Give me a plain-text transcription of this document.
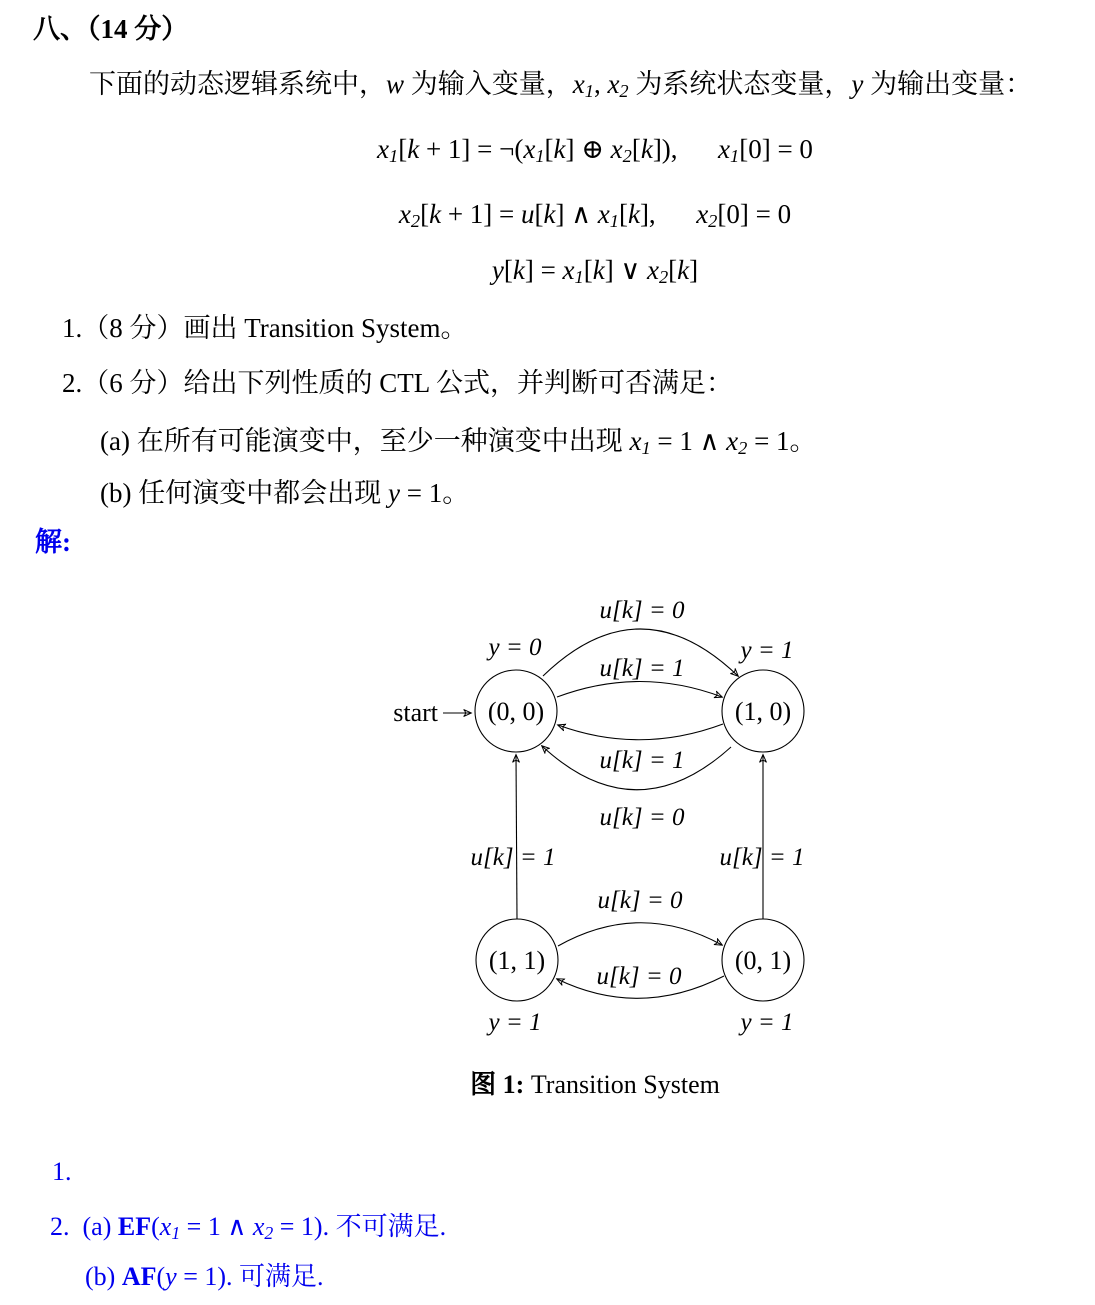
八、（14 分）
下面的动态逻辑系统中，w 为输入变量，x1, x2 为系统状态变量，y 为输出变量：
x1[k + 1] = ¬(x1[k] ⊕ x2[k]),   x1[0] = 0
x2[k + 1] = u[k] ∧ x1[k],   x2[0] = 0
y[k] = x1[k] ∨ x2[k]
1.（8 分）画出 Transition System。
2.（6 分）给出下列性质的 CTL 公式，并判断可否满足：
(a) 在所有可能演变中，至少一种演变中出现 x1 = 1 ∧ x2 = 1。
(b) 任何演变中都会出现 y = 1。
解:
start (0, 0)	(1, 0)
(1, 1)	(0, 1)
y = 0	y = 1
y = 1	y = 1
u[k] = 0
u[k] = 1
u[k] = 1
u[k] = 0
u[k] = 1	u[k] = 1
u[k] = 0
u[k] = 0
图 1: Transition System
1.
2.  (a) EF(x1 = 1 ∧ x2 = 1). 不可满足.
(b) AF(y = 1). 可满足.
